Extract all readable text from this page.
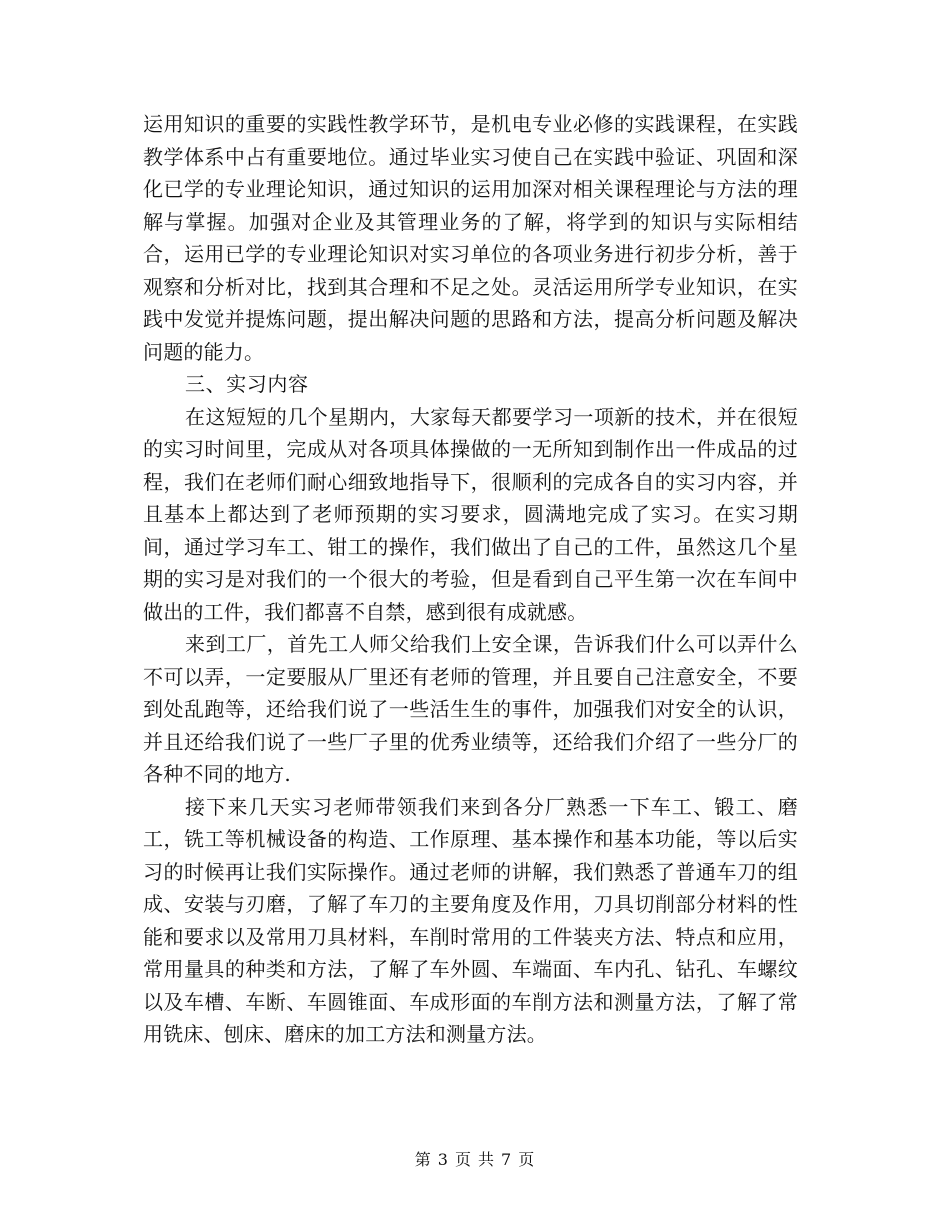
运用知识的重要的实践性教学环节，是机电专业必修的实践课程，在实践教学体系中占有重要地位。通过毕业实习使自己在实践中验证、巩固和深化已学的专业理论知识，通过知识的运用加深对相关课程理论与方法的理解与掌握。加强对企业及其管理业务的了解，将学到的知识与实际相结合，运用已学的专业理论知识对实习单位的各项业务进行初步分析，善于观察和分析对比，找到其合理和不足之处。灵活运用所学专业知识，在实践中发觉并提炼问题，提出解决问题的思路和方法，提高分析问题及解决问题的能力。

三、实习内容

在这短短的几个星期内，大家每天都要学习一项新的技术，并在很短的实习时间里，完成从对各项具体操做的一无所知到制作出一件成品的过程，我们在老师们耐心细致地指导下，很顺利的完成各自的实习内容，并且基本上都达到了老师预期的实习要求，圆满地完成了实习。在实习期间，通过学习车工、钳工的操作，我们做出了自己的工件，虽然这几个星期的实习是对我们的一个很大的考验，但是看到自己平生第一次在车间中做出的工件，我们都喜不自禁，感到很有成就感。

来到工厂，首先工人师父给我们上安全课，告诉我们什么可以弄什么不可以弄，一定要服从厂里还有老师的管理，并且要自己注意安全，不要到处乱跑等，还给我们说了一些活生生的事件，加强我们对安全的认识，并且还给我们说了一些厂子里的优秀业绩等，还给我们介绍了一些分厂的各种不同的地方.

接下来几天实习老师带领我们来到各分厂熟悉一下车工、锻工、磨工，铣工等机械设备的构造、工作原理、基本操作和基本功能，等以后实习的时候再让我们实际操作。通过老师的讲解，我们熟悉了普通车刀的组成、安装与刃磨，了解了车刀的主要角度及作用，刀具切削部分材料的性能和要求以及常用刀具材料，车削时常用的工件装夹方法、特点和应用，常用量具的种类和方法，了解了车外圆、车端面、车内孔、钻孔、车螺纹以及车槽、车断、车圆锥面、车成形面的车削方法和测量方法，了解了常用铣床、刨床、磨床的加工方法和测量方法。

第 3 页 共 7 页
